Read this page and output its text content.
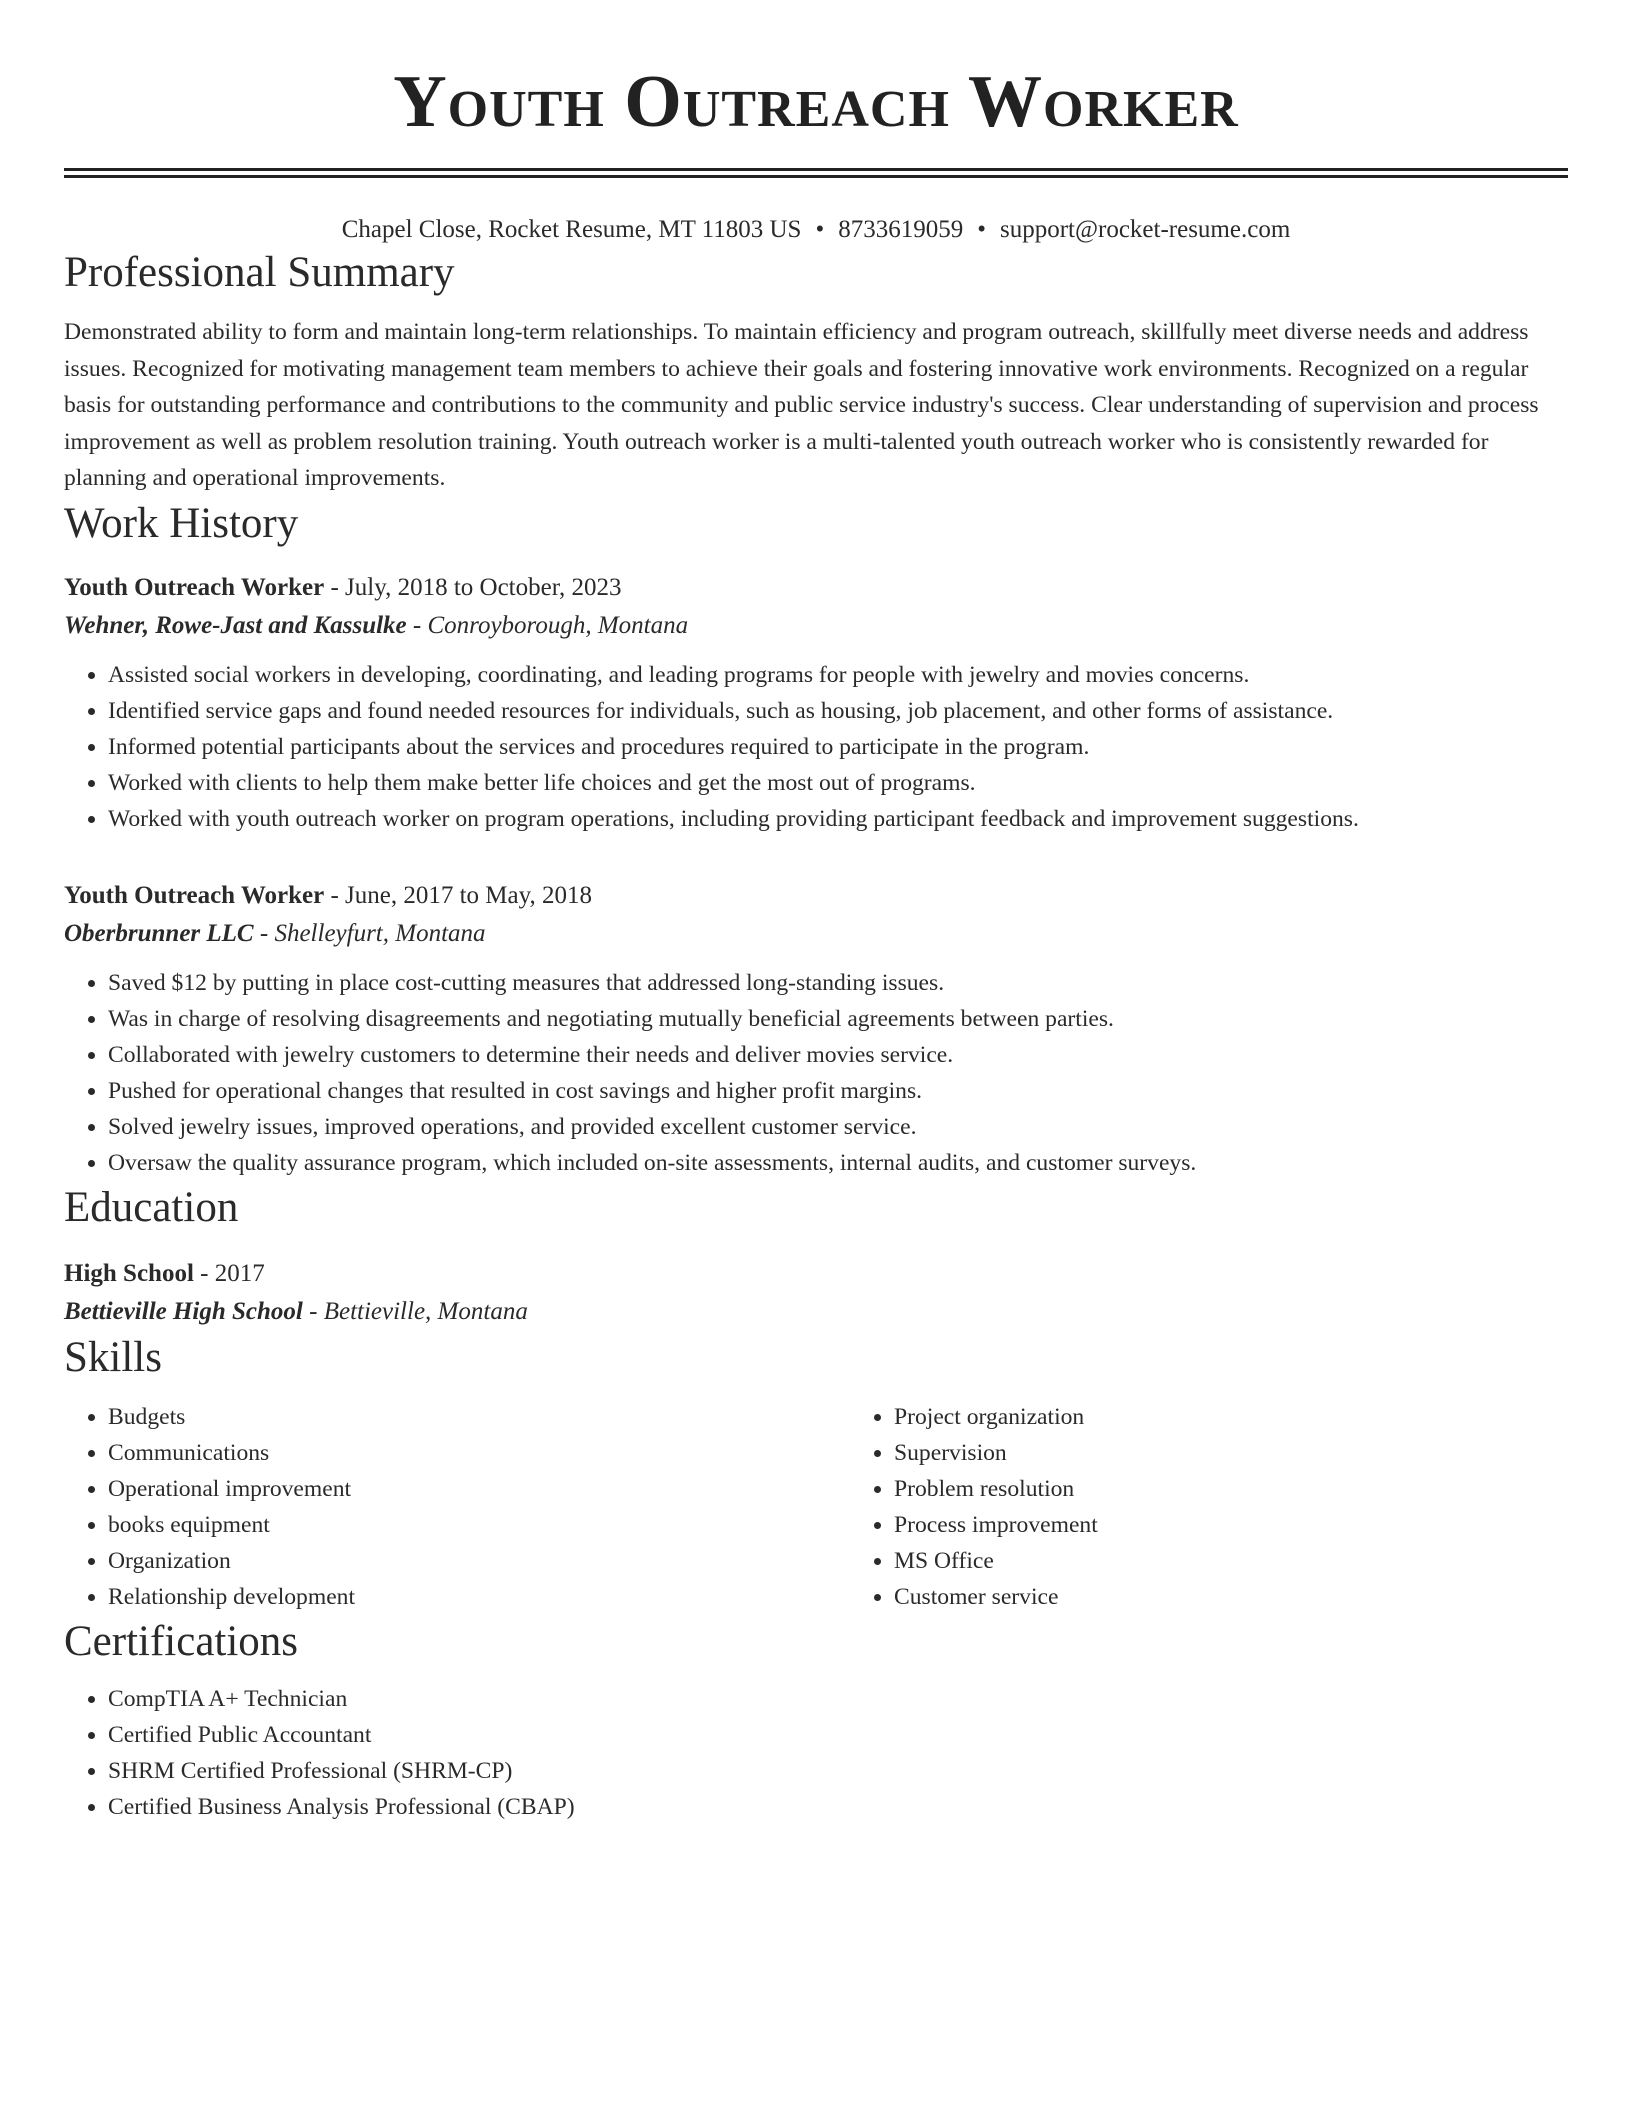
Youth Outreach Worker
Chapel Close, Rocket Resume, MT 11803 US • 8733619059 • support@rocket-resume.com
Professional Summary
Demonstrated ability to form and maintain long-term relationships. To maintain efficiency and program outreach, skillfully meet diverse needs and address issues. Recognized for motivating management team members to achieve their goals and fostering innovative work environments. Recognized on a regular basis for outstanding performance and contributions to the community and public service industry's success. Clear understanding of supervision and process improvement as well as problem resolution training. Youth outreach worker is a multi-talented youth outreach worker who is consistently rewarded for planning and operational improvements.
Work History
Youth Outreach Worker - July, 2018 to October, 2023
Wehner, Rowe-Jast and Kassulke - Conroyborough, Montana
• Assisted social workers in developing, coordinating, and leading programs for people with jewelry and movies concerns.
• Identified service gaps and found needed resources for individuals, such as housing, job placement, and other forms of assistance.
• Informed potential participants about the services and procedures required to participate in the program.
• Worked with clients to help them make better life choices and get the most out of programs.
• Worked with youth outreach worker on program operations, including providing participant feedback and improvement suggestions.
Youth Outreach Worker - June, 2017 to May, 2018
Oberbrunner LLC - Shelleyfurt, Montana
• Saved $12 by putting in place cost-cutting measures that addressed long-standing issues.
• Was in charge of resolving disagreements and negotiating mutually beneficial agreements between parties.
• Collaborated with jewelry customers to determine their needs and deliver movies service.
• Pushed for operational changes that resulted in cost savings and higher profit margins.
• Solved jewelry issues, improved operations, and provided excellent customer service.
• Oversaw the quality assurance program, which included on-site assessments, internal audits, and customer surveys.
Education
High School - 2017
Bettieville High School - Bettieville, Montana
Skills
• Budgets
• Communications
• Operational improvement
• books equipment
• Organization
• Relationship development
• Project organization
• Supervision
• Problem resolution
• Process improvement
• MS Office
• Customer service
Certifications
• CompTIA A+ Technician
• Certified Public Accountant
• SHRM Certified Professional (SHRM-CP)
• Certified Business Analysis Professional (CBAP)
